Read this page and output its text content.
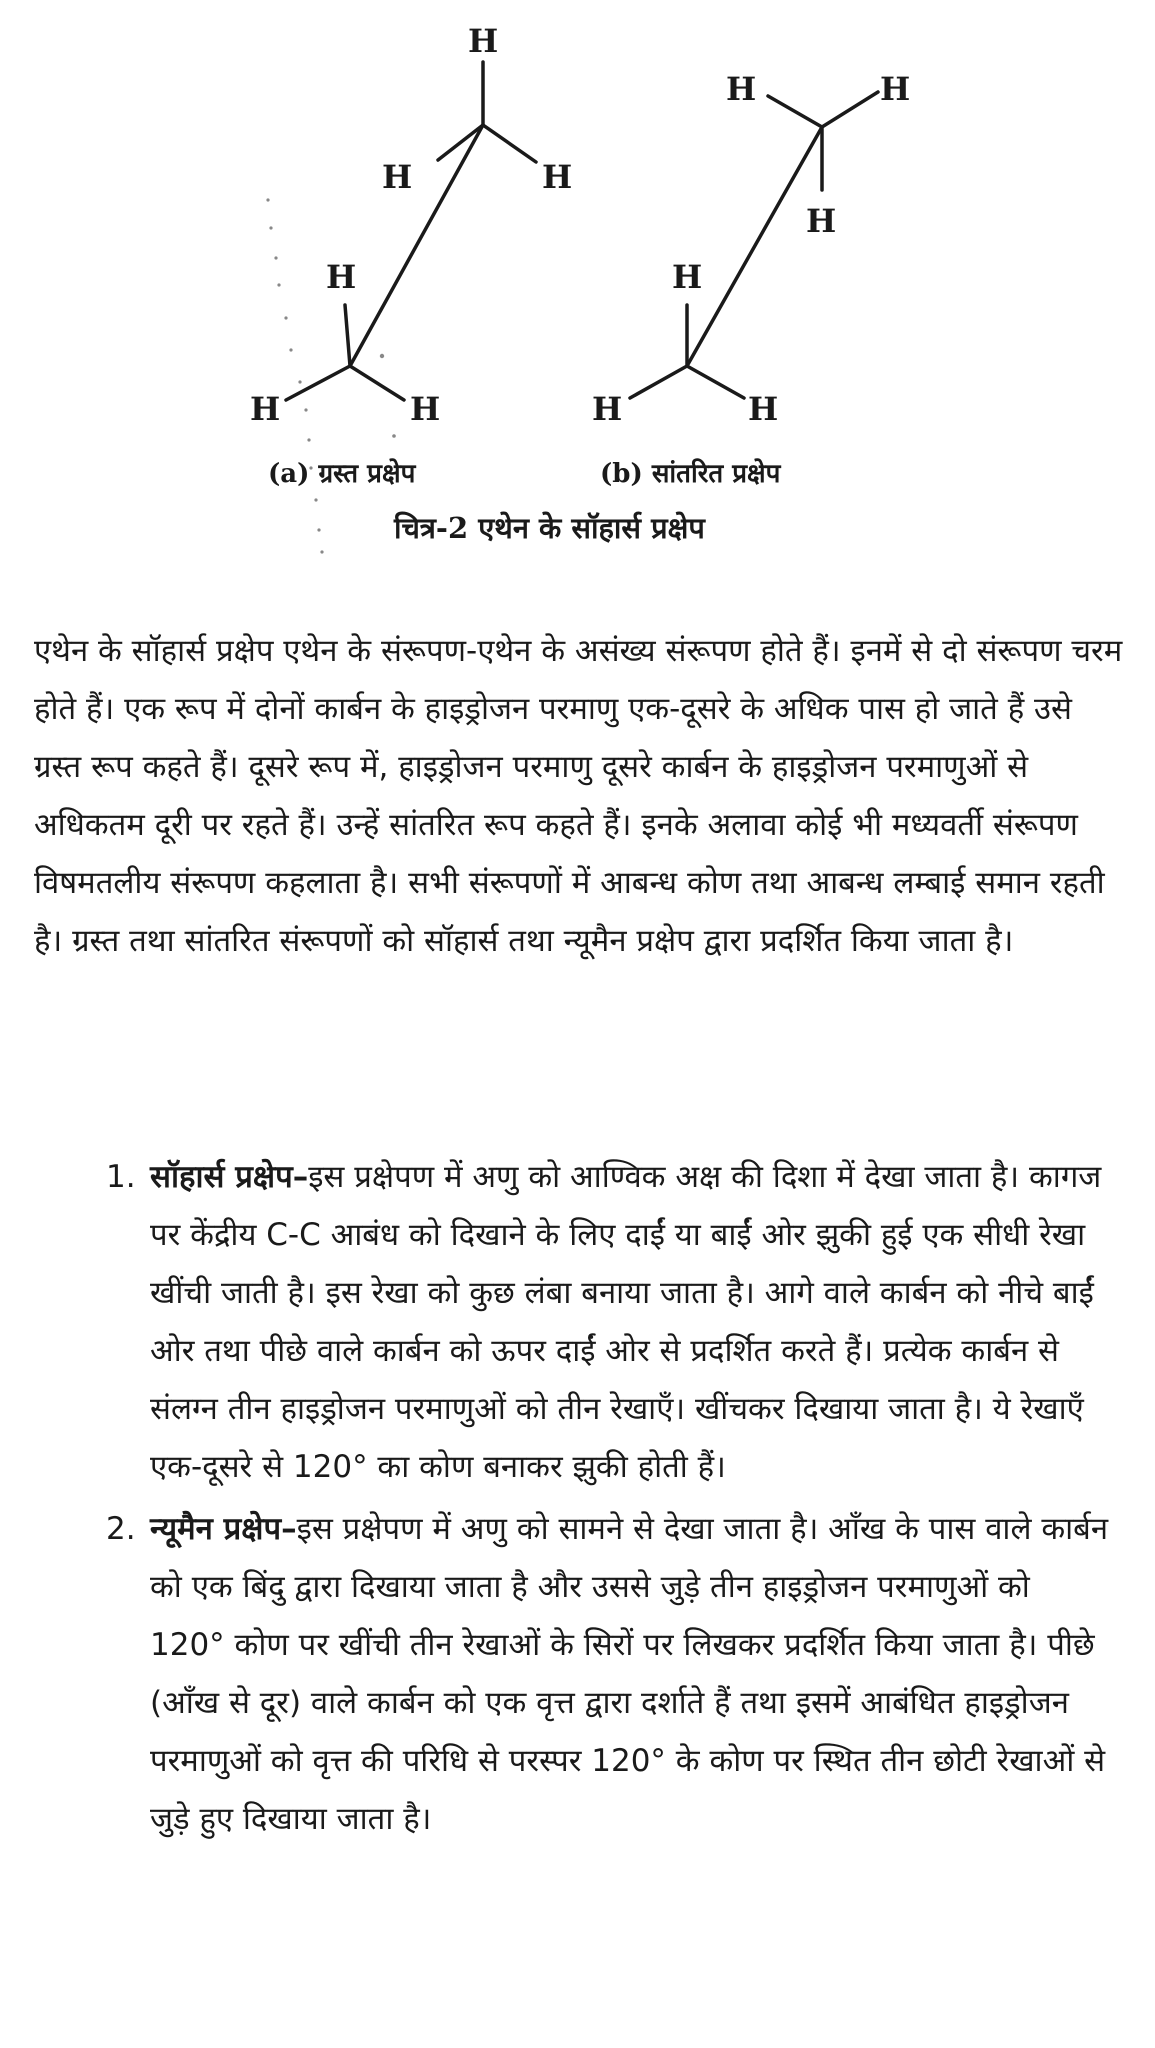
H
H	H
H
H	H
H	H
H
H
H	H
(a) ग्रस्त प्रक्षेप	(b) सांतरित प्रक्षेप
चित्र-2 एथेन के सॉहार्स प्रक्षेप

एथेन के सॉहार्स प्रक्षेप एथेन के संरूपण-एथेन के असंख्य संरूपण होते हैं। इनमें से दो संरूपण चरम होते हैं। एक रूप में दोनों कार्बन के हाइड्रोजन परमाणु एक-दूसरे के अधिक पास हो जाते हैं उसे ग्रस्त रूप कहते हैं। दूसरे रूप में, हाइड्रोजन परमाणु दूसरे कार्बन के हाइड्रोजन परमाणुओं से अधिकतम दूरी पर रहते हैं। उन्हें सांतरित रूप कहते हैं। इनके अलावा कोई भी मध्यवर्ती संरूपण विषमतलीय संरूपण कहलाता है। सभी संरूपणों में आबन्ध कोण तथा आबन्ध लम्बाई समान रहती है। ग्रस्त तथा सांतरित संरूपणों को सॉहार्स तथा न्यूमैन प्रक्षेप द्वारा प्रदर्शित किया जाता है।

1. सॉहार्स प्रक्षेप–इस प्रक्षेपण में अणु को आण्विक अक्ष की दिशा में देखा जाता है। कागज पर केंद्रीय C-C आबंध को दिखाने के लिए दाईं या बाईं ओर झुकी हुई एक सीधी रेखा खींची जाती है। इस रेखा को कुछ लंबा बनाया जाता है। आगे वाले कार्बन को नीचे बाईं ओर तथा पीछे वाले कार्बन को ऊपर दाईं ओर से प्रदर्शित करते हैं। प्रत्येक कार्बन से संलग्न तीन हाइड्रोजन परमाणुओं को तीन रेखाएँ। खींचकर दिखाया जाता है। ये रेखाएँ एक-दूसरे से 120° का कोण बनाकर झुकी होती हैं।
2. न्यूमैन प्रक्षेप–इस प्रक्षेपण में अणु को सामने से देखा जाता है। आँख के पास वाले कार्बन को एक बिंदु द्वारा दिखाया जाता है और उससे जुड़े तीन हाइड्रोजन परमाणुओं को 120° कोण पर खींची तीन रेखाओं के सिरों पर लिखकर प्रदर्शित किया जाता है। पीछे (आँख से दूर) वाले कार्बन को एक वृत्त द्वारा दर्शाते हैं तथा इसमें आबंधित हाइड्रोजन परमाणुओं को वृत्त की परिधि से परस्पर 120° के कोण पर स्थित तीन छोटी रेखाओं से जुड़े हुए दिखाया जाता है।
